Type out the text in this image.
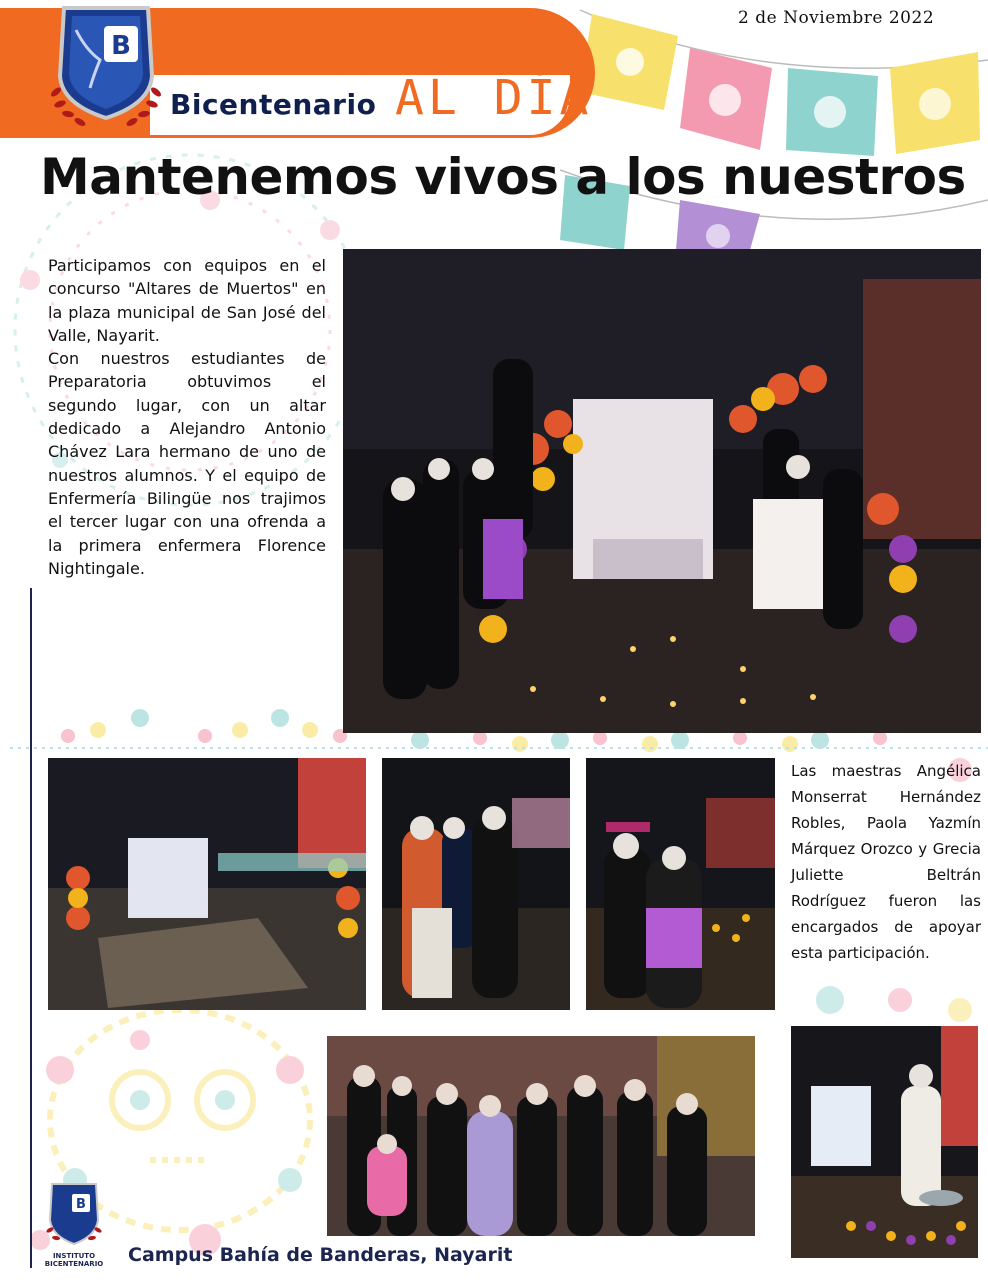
B
Bicentenario AL DÍA
2 de Noviembre 2022
Mantenemos vivos a los nuestros

Participamos con equipos en el concurso "Altares de Muertos" en la plaza municipal de San José del Valle, Nayarit.

Con nuestros estudiantes de Preparatoria obtuvimos el segundo lugar, con un altar dedicado a Alejandro Antonio Chávez Lara hermano de uno de nuestros alumnos. Y el equipo de Enfermería Bilingüe nos trajimos el tercer lugar con una ofrenda a la primera enfermera Florence Nightingale.

Las maestras Angélica Monserrat Hernández Robles, Paola Yazmín Márquez Orozco y Grecia Juliette Beltrán Rodríguez fueron las encargados de apoyar esta participación.

B
INSTITUTO
BICENTENARIO Campus Bahía de Banderas, Nayarit
